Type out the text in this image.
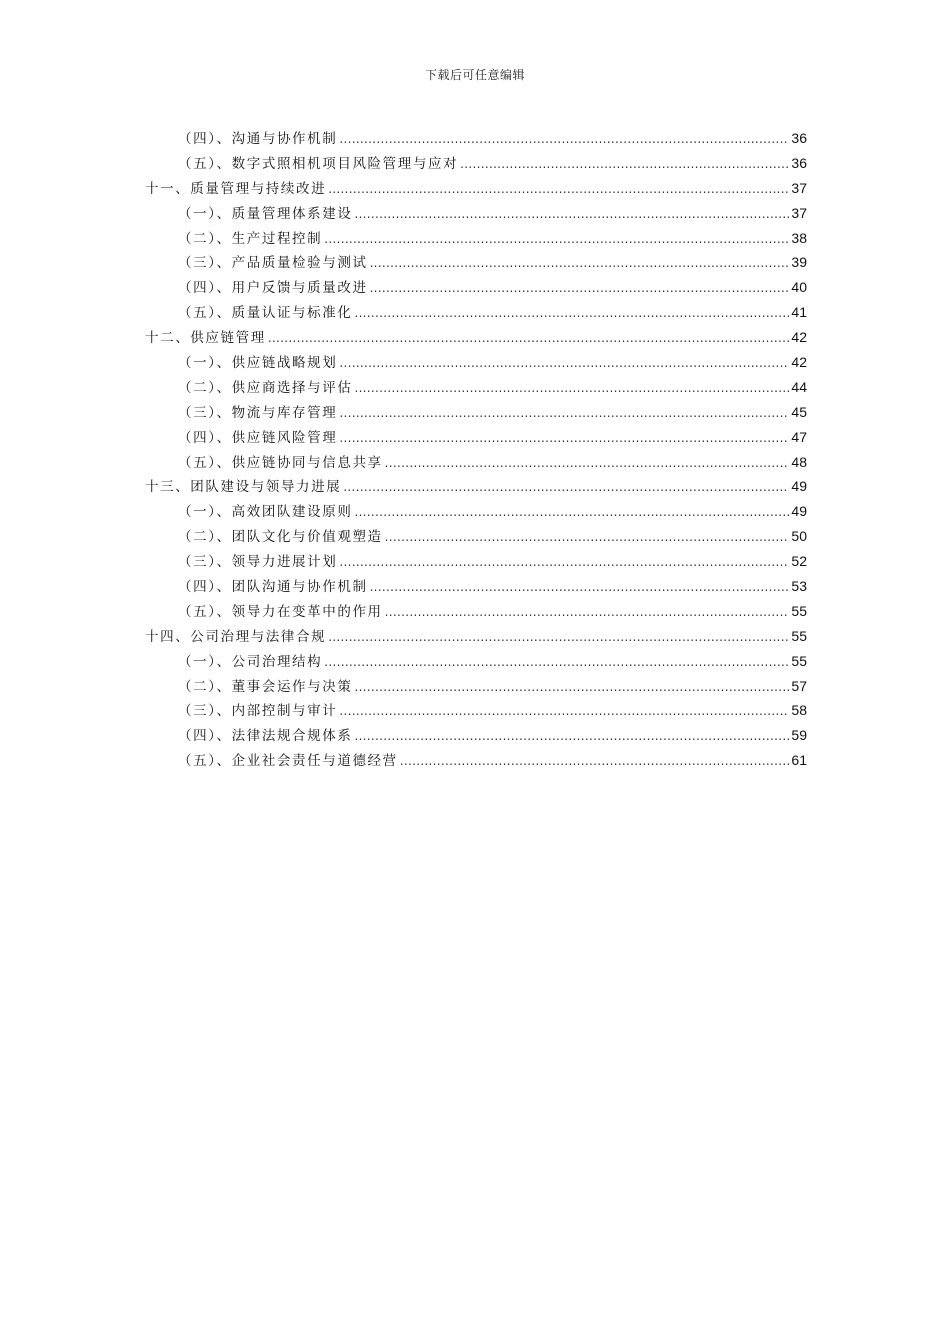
下载后可任意编辑
（四）、沟通与协作机制 .....	36
（五）、数字式照相机项目风险管理与应对 .....	36
十一、质量管理与持续改进 .....	37
（一）、质量管理体系建设 .....	37
（二）、生产过程控制 .....	38
（三）、产品质量检验与测试 .....	39
（四）、用户反馈与质量改进 .....	40
（五）、质量认证与标准化 .....	41
十二、供应链管理 .....	42
（一）、供应链战略规划 .....	42
（二）、供应商选择与评估 .....	44
（三）、物流与库存管理 .....	45
（四）、供应链风险管理 .....	47
（五）、供应链协同与信息共享 .....	48
十三、团队建设与领导力进展 .....	49
（一）、高效团队建设原则 .....	49
（二）、团队文化与价值观塑造 .....	50
（三）、领导力进展计划 .....	52
（四）、团队沟通与协作机制 .....	53
（五）、领导力在变革中的作用 .....	55
十四、公司治理与法律合规 .....	55
（一）、公司治理结构 .....	55
（二）、董事会运作与决策 .....	57
（三）、内部控制与审计 .....	58
（四）、法律法规合规体系 .....	59
（五）、企业社会责任与道德经营 .....	61
